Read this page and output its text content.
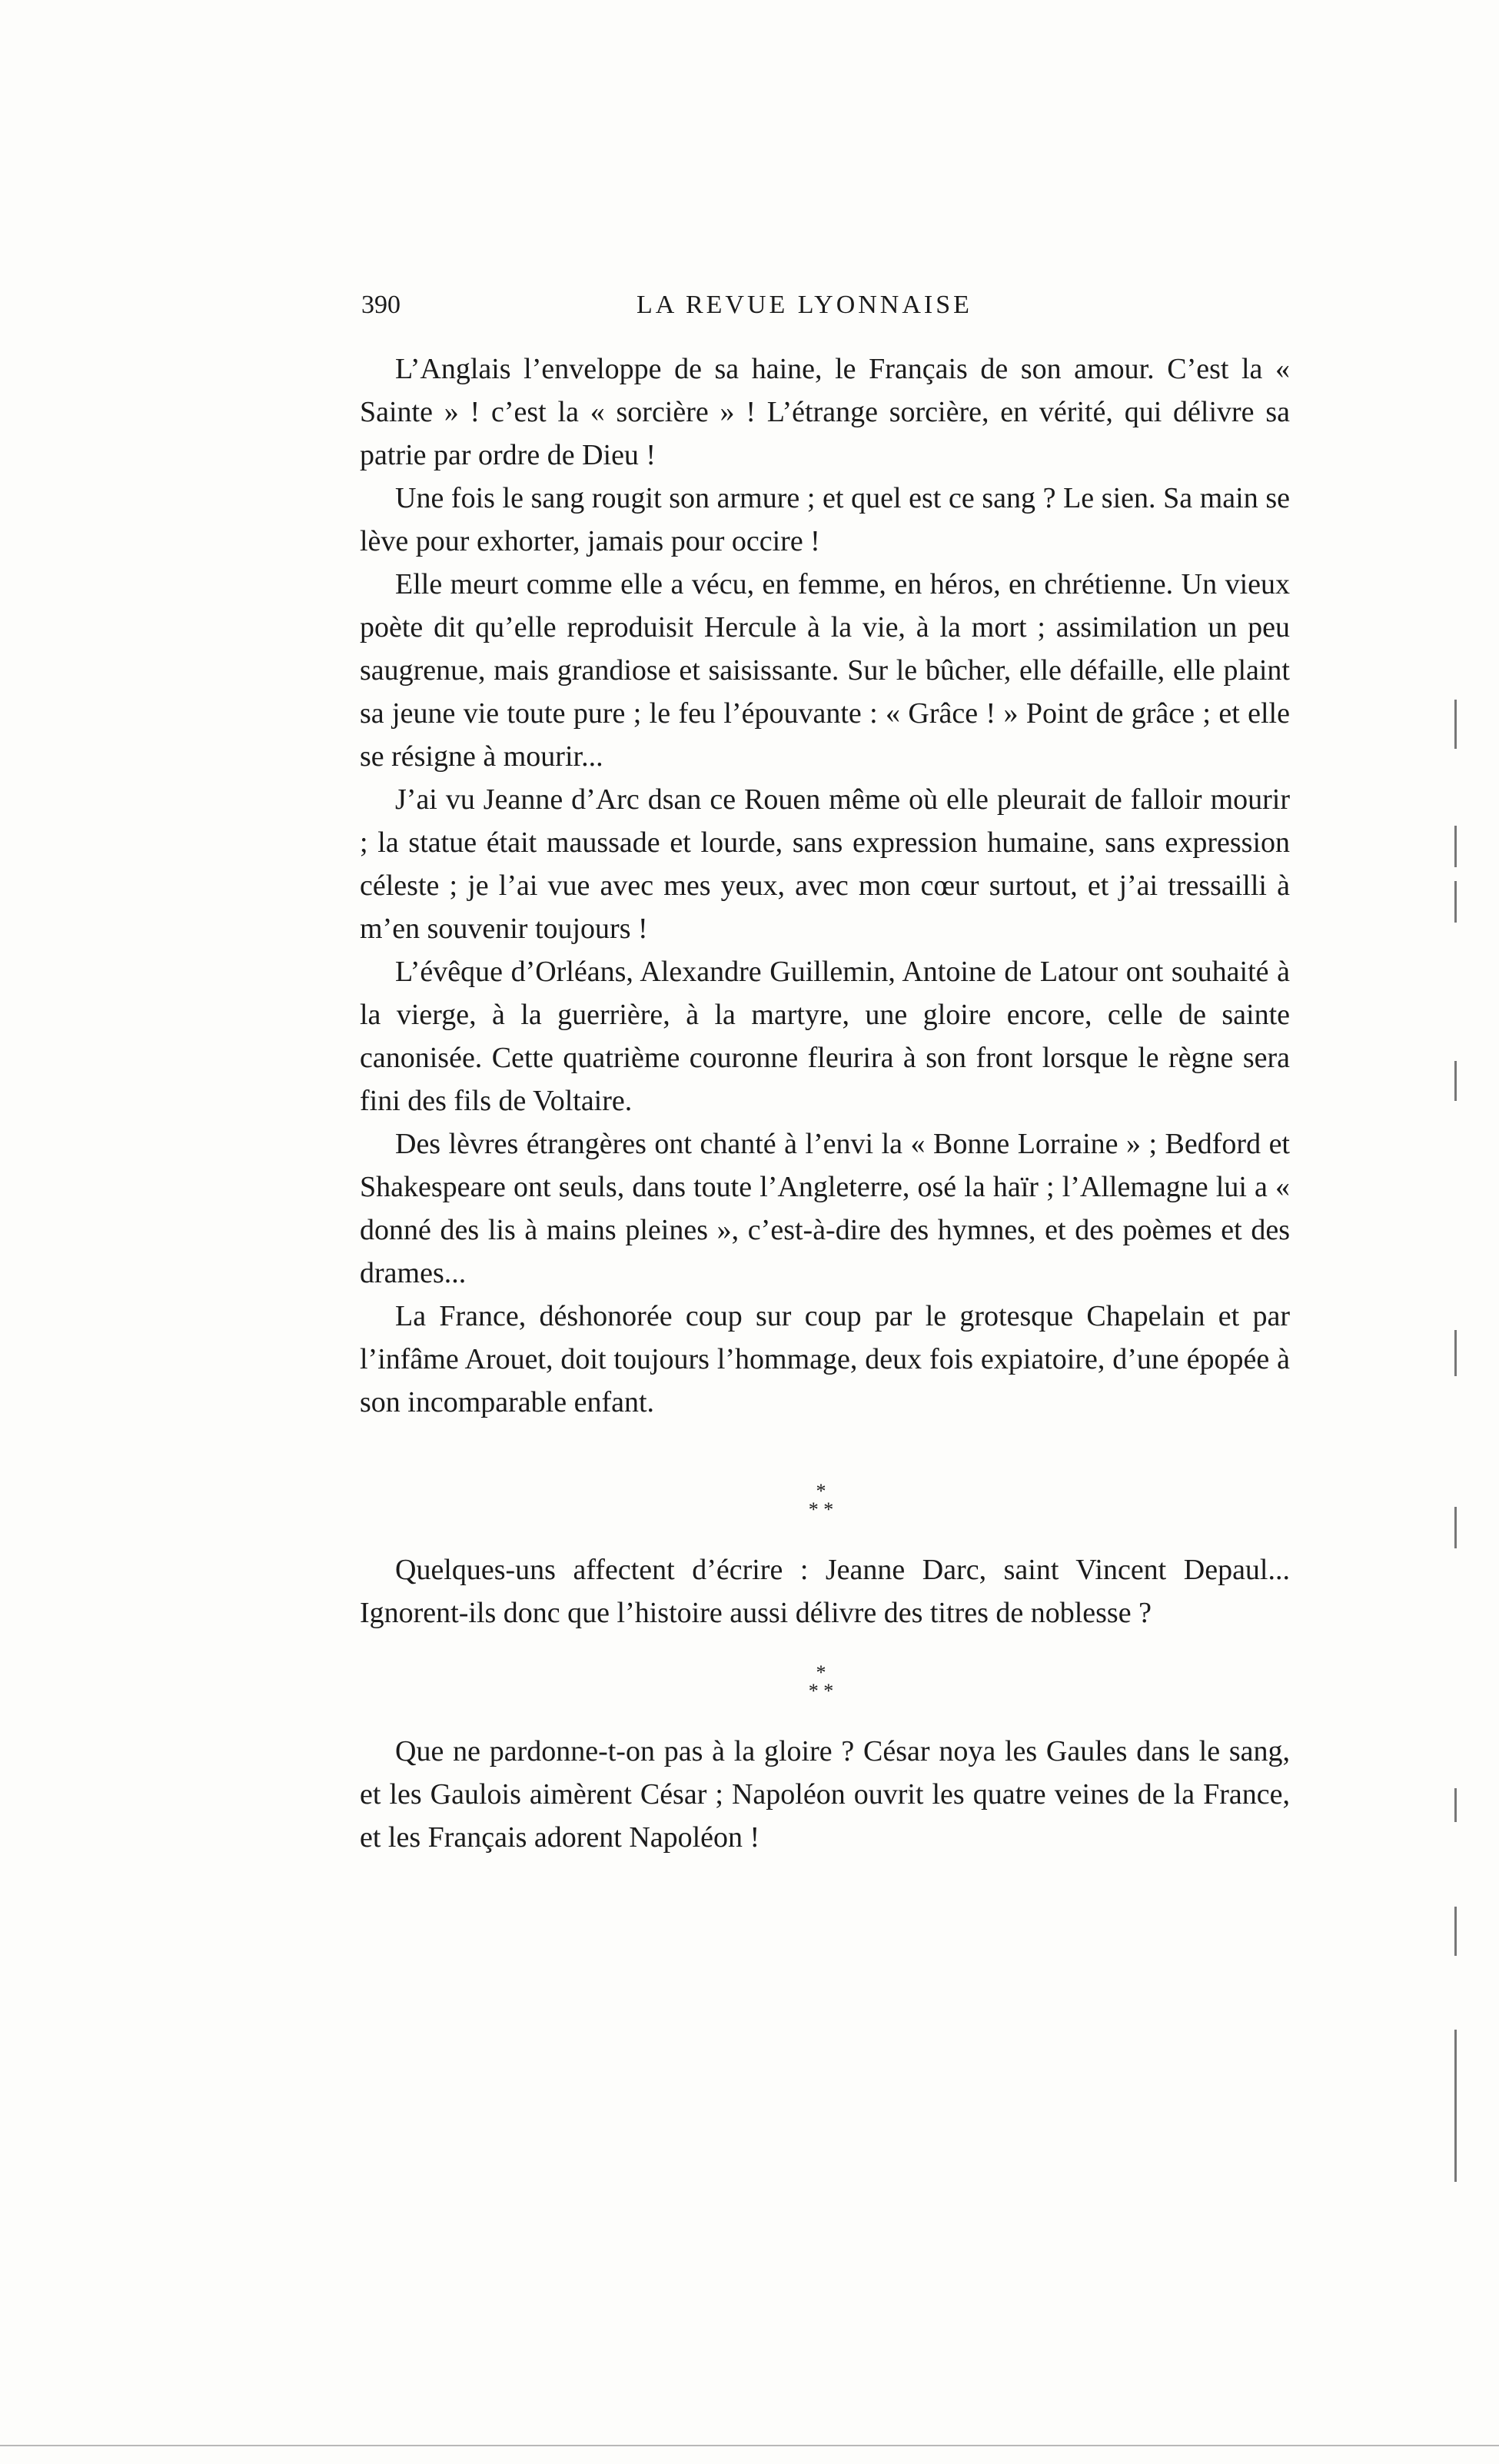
390	LA REVUE LYONNAISE

L’Anglais l’enveloppe de sa haine, le Français de son amour. C’est la « Sainte » ! c’est la « sorcière » ! L’étrange sorcière, en vérité, qui délivre sa patrie par ordre de Dieu !

Une fois le sang rougit son armure ; et quel est ce sang ? Le sien. Sa main se lève pour exhorter, jamais pour occire !

Elle meurt comme elle a vécu, en femme, en héros, en chrétienne. Un vieux poète dit qu’elle reproduisit Hercule à la vie, à la mort ; assimilation un peu saugrenue, mais grandiose et saisissante. Sur le bûcher, elle défaille, elle plaint sa jeune vie toute pure ; le feu l’épouvante : « Grâce ! » Point de grâce ; et elle se résigne à mourir...

J’ai vu Jeanne d’Arc dsan ce Rouen même où elle pleurait de falloir mourir ; la statue était maussade et lourde, sans expression humaine, sans expression céleste ; je l’ai vue avec mes yeux, avec mon cœur surtout, et j’ai tressailli à m’en souvenir toujours !

L’évêque d’Orléans, Alexandre Guillemin, Antoine de Latour ont souhaité à la vierge, à la guerrière, à la martyre, une gloire encore, celle de sainte canonisée. Cette quatrième couronne fleurira à son front lorsque le règne sera fini des fils de Voltaire.

Des lèvres étrangères ont chanté à l’envi la « Bonne Lorraine » ; Bedford et Shakespeare ont seuls, dans toute l’Angleterre, osé la haïr ; l’Allemagne lui a « donné des lis à mains pleines », c’est-à-dire des hymnes, et des poèmes et des drames...

La France, déshonorée coup sur coup par le grotesque Chapelain et par l’infâme Arouet, doit toujours l’hommage, deux fois expiatoire, d’une épopée à son incomparable enfant.

*
* *

Quelques-uns affectent d’écrire : Jeanne Darc, saint Vincent Depaul... Ignorent-ils donc que l’histoire aussi délivre des titres de noblesse ?

*
* *

Que ne pardonne-t-on pas à la gloire ? César noya les Gaules dans le sang, et les Gaulois aimèrent César ; Napoléon ouvrit les quatre veines de la France, et les Français adorent Napoléon !
